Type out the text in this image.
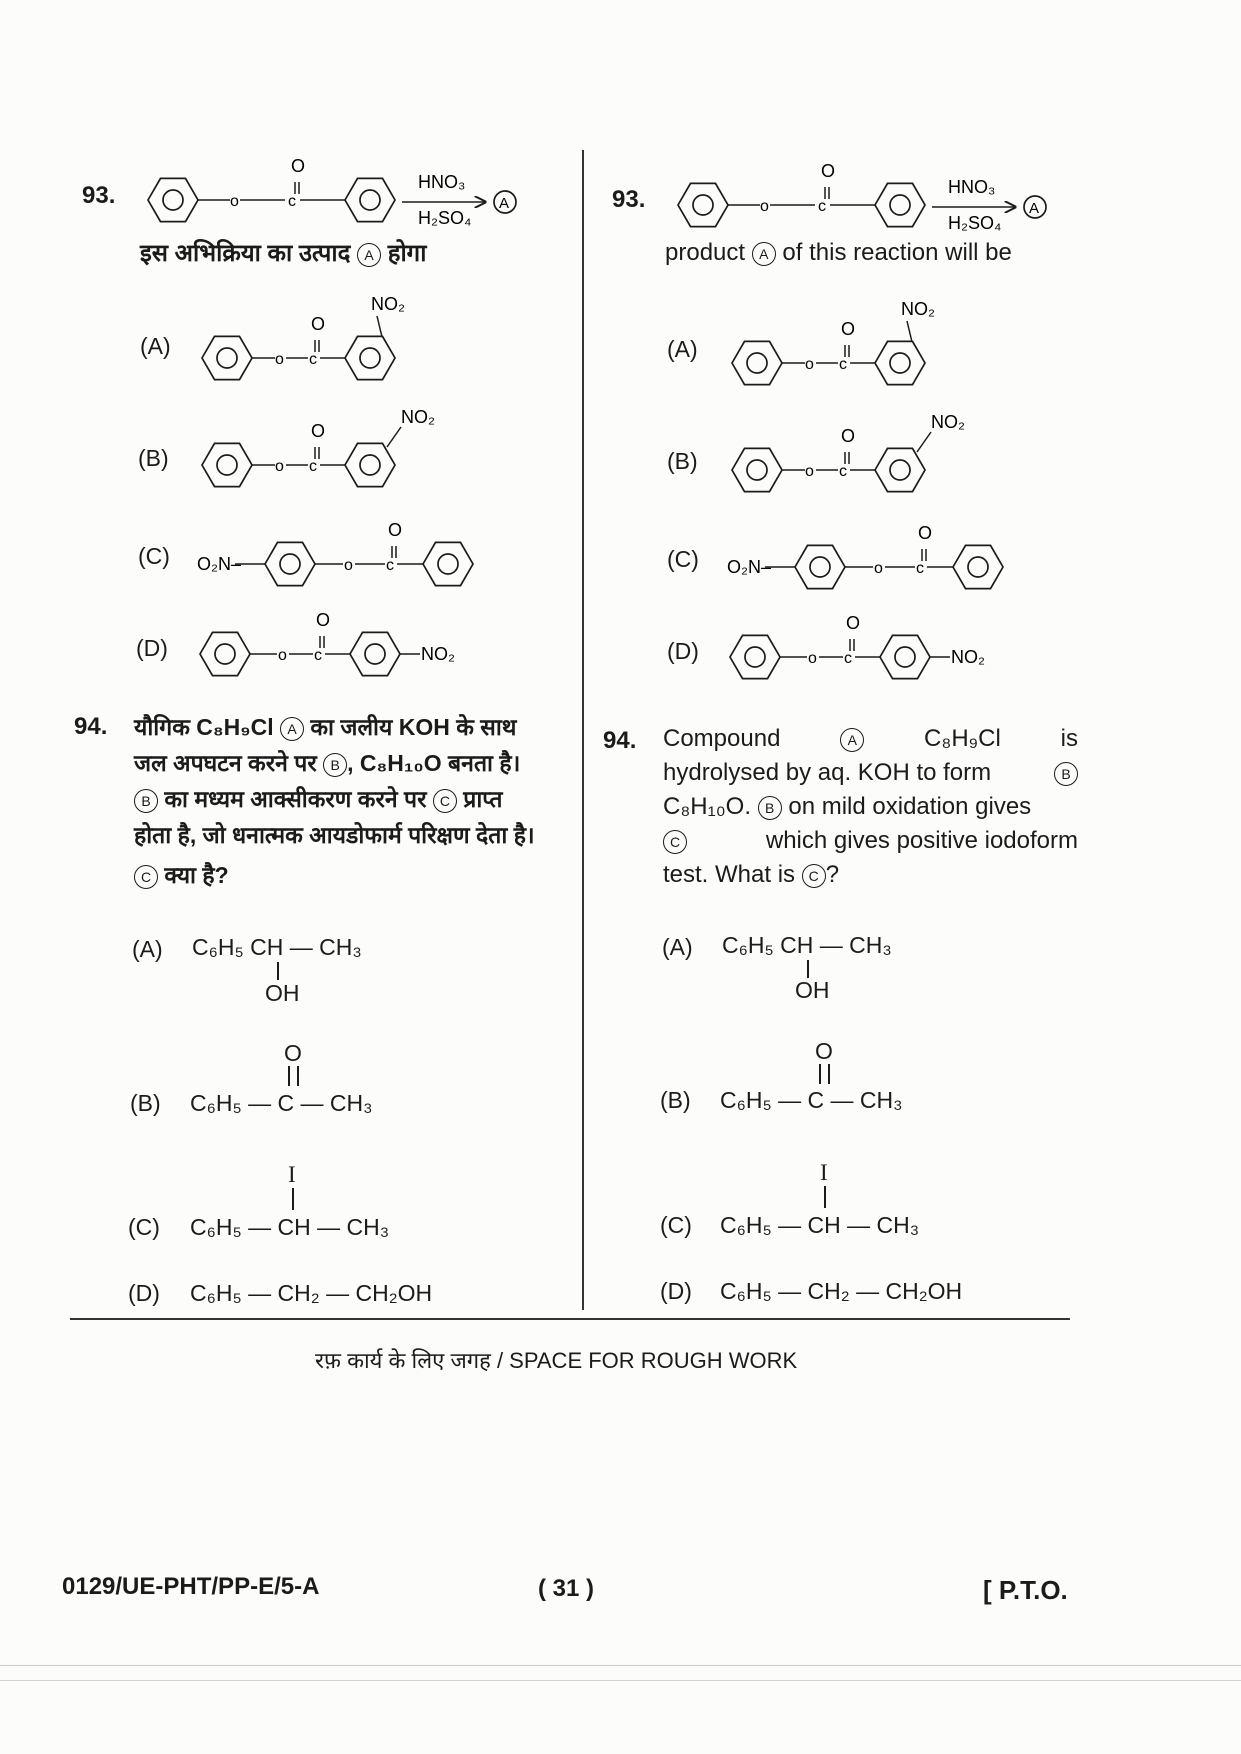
93.	o	c
O
HNO₃
H₂SO₄
A
इस अभिक्रिया का उत्पाद A होगा
(A)
o c
O
NO₂
(B)	o c
O
NO₂
(C) O₂N–	o c
O
(D)	o c
O
NO₂
93.	o	c
O
HNO₃
H₂SO₄
A
product A of this reaction will be
(A)
o c
O
NO₂
(B)	o c
O
NO₂
(C) O₂N–	o c
O
(D)	o c
O
NO₂
94. यौगिक C₈H₉Cl A का जलीय KOH के साथ
जल अपघटन करने पर B , C₈H₁₀O बनता है।
B का मध्यम आक्सीकरण करने पर C प्राप्त
होता है, जो धनात्मक आयडोफार्म परिक्षण देता है।
C क्या है?
(A) C₆H₅ CH — CH₃
OH
O
(B) C₆H₅ — C — CH₃
I
(C) C₆H₅ — CH — CH₃
(D) C₆H₅ — CH₂ — CH₂OH
94. Compound	A	C₈H₉Cl is
hydrolysed by aq. KOH to form	B
C₈H₁₀O. B on mild oxidation gives
C	which gives positive iodoform
test. What is C ?
(A) C₆H₅ CH — CH₃
OH
O
(B) C₆H₅ — C — CH₃
I
(C) C₆H₅ — CH — CH₃
(D) C₆H₅ — CH₂ — CH₂OH
रफ़ कार्य के लिए जगह / SPACE FOR ROUGH WORK
0129/UE-PHT/PP-E/5-A	( 31 )	[ P.T.O.
